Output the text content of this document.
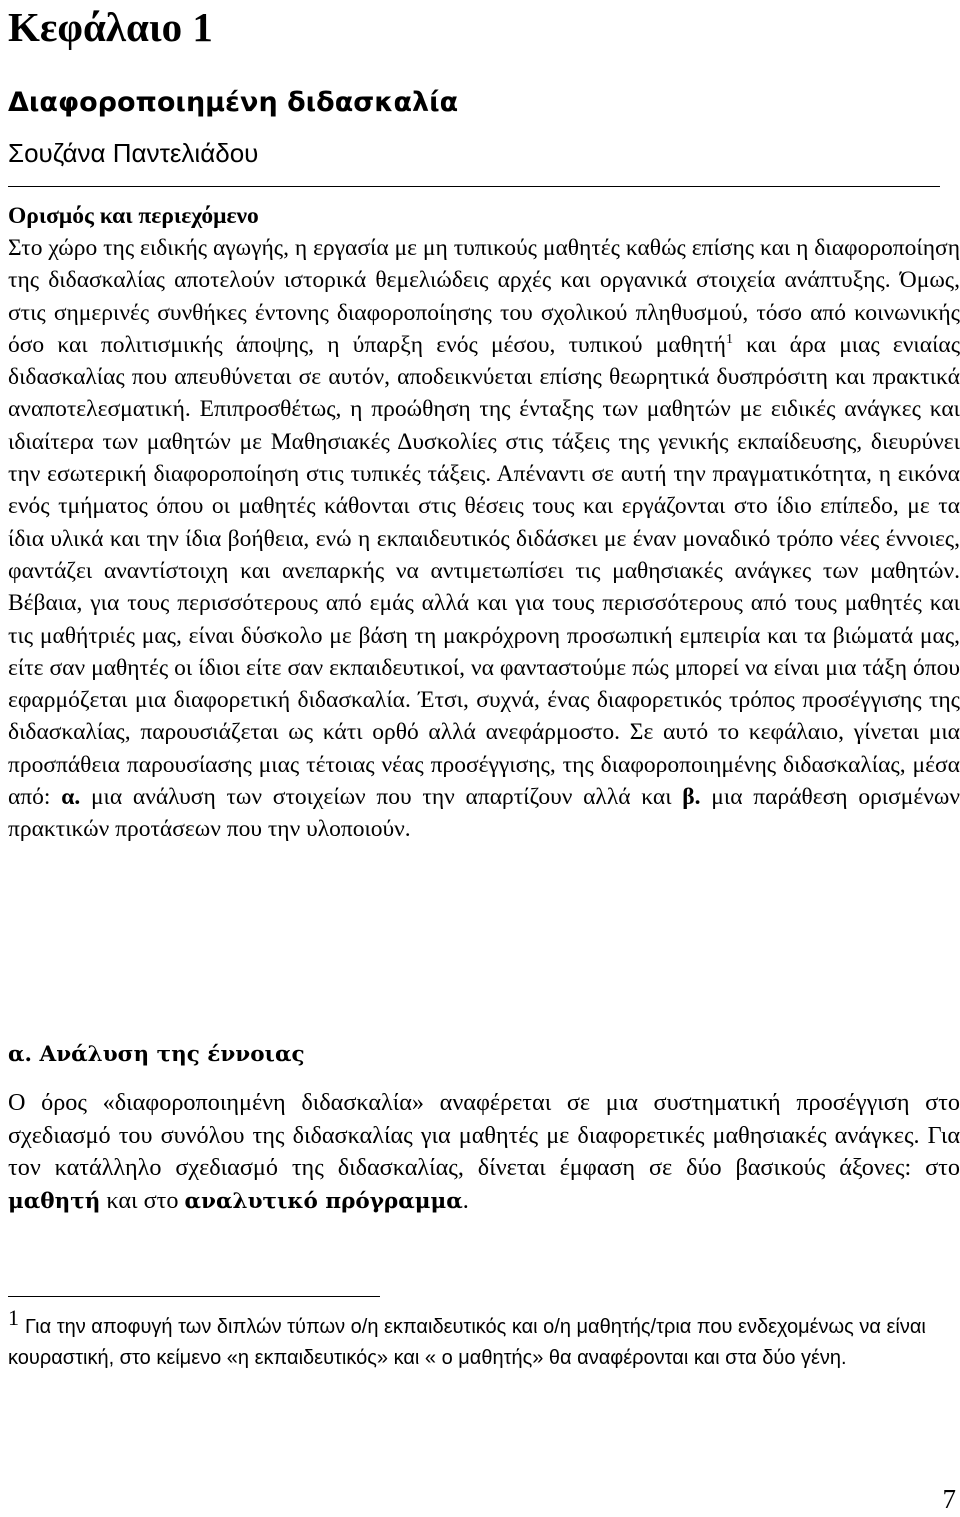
Κεφάλαιο 1
Διαφοροποιημένη διδασκαλία
Σουζάνα Παντελιάδου
Ορισμός και περιεχόμενο

Στο χώρο της ειδικής αγωγής, η εργασία με μη τυπικούς μαθητές καθώς επίσης και η διαφοροποίηση της διδασκαλίας αποτελούν ιστορικά θεμελιώδεις αρχές και οργανικά στοιχεία ανάπτυξης. Όμως, στις σημερινές συνθήκες έντονης διαφοροποίησης του σχολικού πληθυσμού, τόσο από κοινωνικής όσο και πολιτισμικής άποψης, η ύπαρξη ενός μέσου, τυπικού μαθητή$^1$ και άρα μιας ενιαίας διδασκαλίας που απευθύνεται σε αυτόν, αποδεικνύεται επίσης θεωρητικά δυσπρόσιτη και πρακτικά αναποτελεσματική. Επιπροσθέτως, η προώθηση της ένταξης των μαθητών με ειδικές ανάγκες και ιδιαίτερα των μαθητών με Μαθησιακές Δυσκολίες στις τάξεις της γενικής εκπαίδευσης, διευρύνει την εσωτερική διαφοροποίηση στις τυπικές τάξεις. Απέναντι σε αυτή την πραγματικότητα, η εικόνα ενός τμήματος όπου οι μαθητές κάθονται στις θέσεις τους και εργάζονται στο ίδιο επίπεδο, με τα ίδια υλικά και την ίδια βοήθεια, ενώ η εκπαιδευτικός διδάσκει με έναν μοναδικό τρόπο νέες έννοιες, φαντάζει αναντίστοιχη και ανεπαρκής να αντιμετωπίσει τις μαθησιακές ανάγκες των μαθητών. Βέβαια, για τους περισσότερους από εμάς αλλά και για τους περισσότερους από τους μαθητές και τις μαθήτριές μας, είναι δύσκολο με βάση τη μακρόχρονη προσωπική εμπειρία και τα βιώματά μας, είτε σαν μαθητές οι ίδιοι είτε σαν εκπαιδευτικοί, να φανταστούμε πώς μπορεί να είναι μια τάξη όπου εφαρμόζεται μια διαφορετική διδασκαλία. Έτσι, συχνά, ένας διαφορετικός τρόπος προσέγγισης της διδασκαλίας, παρουσιάζεται ως κάτι ορθό αλλά ανεφάρμοστο. Σε αυτό το κεφάλαιο, γίνεται μια προσπάθεια παρουσίασης μιας τέτοιας νέας προσέγγισης, της διαφοροποιημένης διδασκαλίας, μέσα από: α. μια ανάλυση των στοιχείων που την απαρτίζουν αλλά και β. μια παράθεση ορισμένων πρακτικών προτάσεων που την υλοποιούν.

α. Ανάλυση της έννοιας

Ο όρος «διαφοροποιημένη διδασκαλία» αναφέρεται σε μια συστηματική προσέγγιση στο σχεδιασμό του συνόλου της διδασκαλίας για μαθητές με διαφορετικές μαθησιακές ανάγκες. Για τον κατάλληλο σχεδιασμό της διδασκαλίας, δίνεται έμφαση σε δύο βασικούς άξονες: στο μαθητή και στο αναλυτικό πρόγραμμα.

1 Για την αποφυγή των διπλών τύπων ο/η εκπαιδευτικός και ο/η μαθητής/τρια που ενδεχομένως να είναι κουραστική, στο κείμενο «η εκπαιδευτικός» και « ο μαθητής» θα αναφέρονται και στα δύο γένη.

7
